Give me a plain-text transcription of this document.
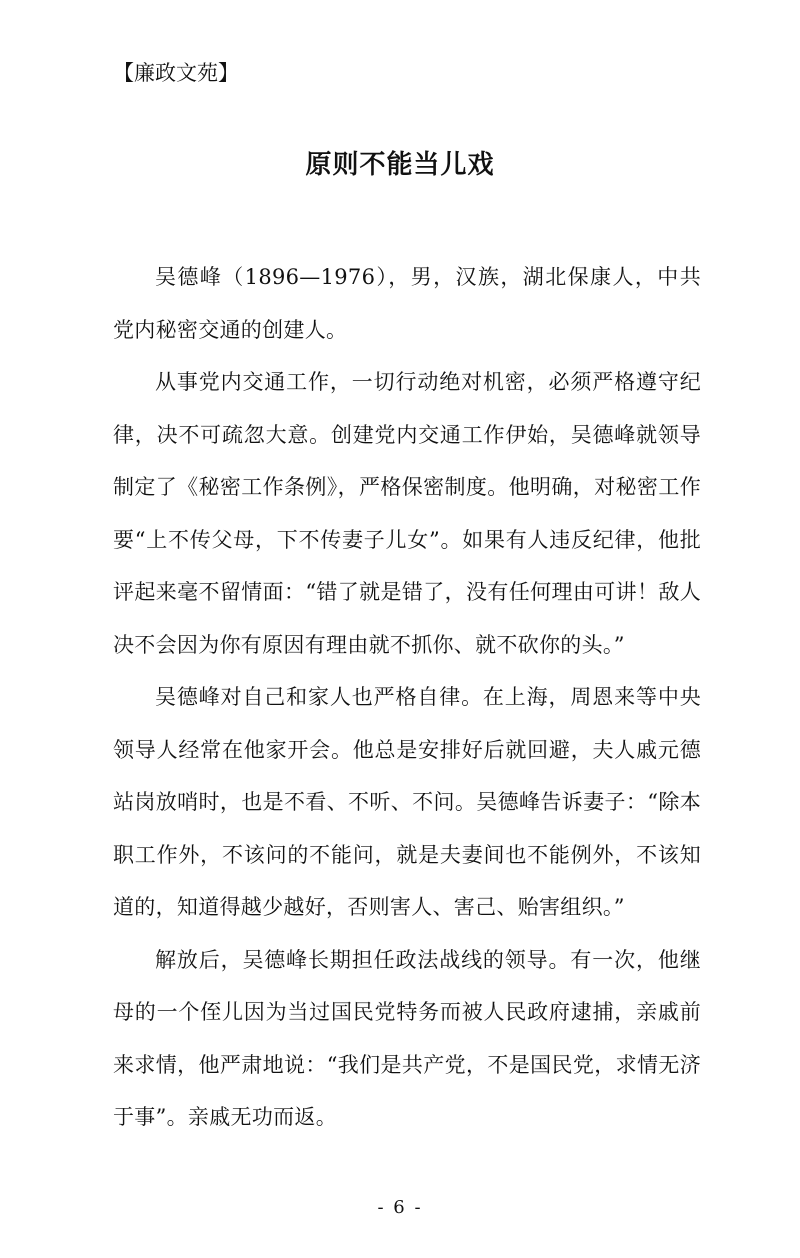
【廉政文苑】
原则不能当儿戏

吴德峰（1896—1976），男，汉族，湖北保康人，中共党内秘密交通的创建人。

从事党内交通工作，一切行动绝对机密，必须严格遵守纪律，决不可疏忽大意。创建党内交通工作伊始，吴德峰就领导制定了《秘密工作条例》，严格保密制度。他明确，对秘密工作要“上不传父母，下不传妻子儿女”。如果有人违反纪律，他批评起来毫不留情面：“错了就是错了，没有任何理由可讲！敌人决不会因为你有原因有理由就不抓你、就不砍你的头。”

吴德峰对自己和家人也严格自律。在上海，周恩来等中央领导人经常在他家开会。他总是安排好后就回避，夫人戚元德站岗放哨时，也是不看、不听、不问。吴德峰告诉妻子：“除本职工作外，不该问的不能问，就是夫妻间也不能例外，不该知道的，知道得越少越好，否则害人、害己、贻害组织。”

解放后，吴德峰长期担任政法战线的领导。有一次，他继母的一个侄儿因为当过国民党特务而被人民政府逮捕，亲戚前来求情，他严肃地说：“我们是共产党，不是国民党，求情无济于事”。亲戚无功而返。

- 6 -
